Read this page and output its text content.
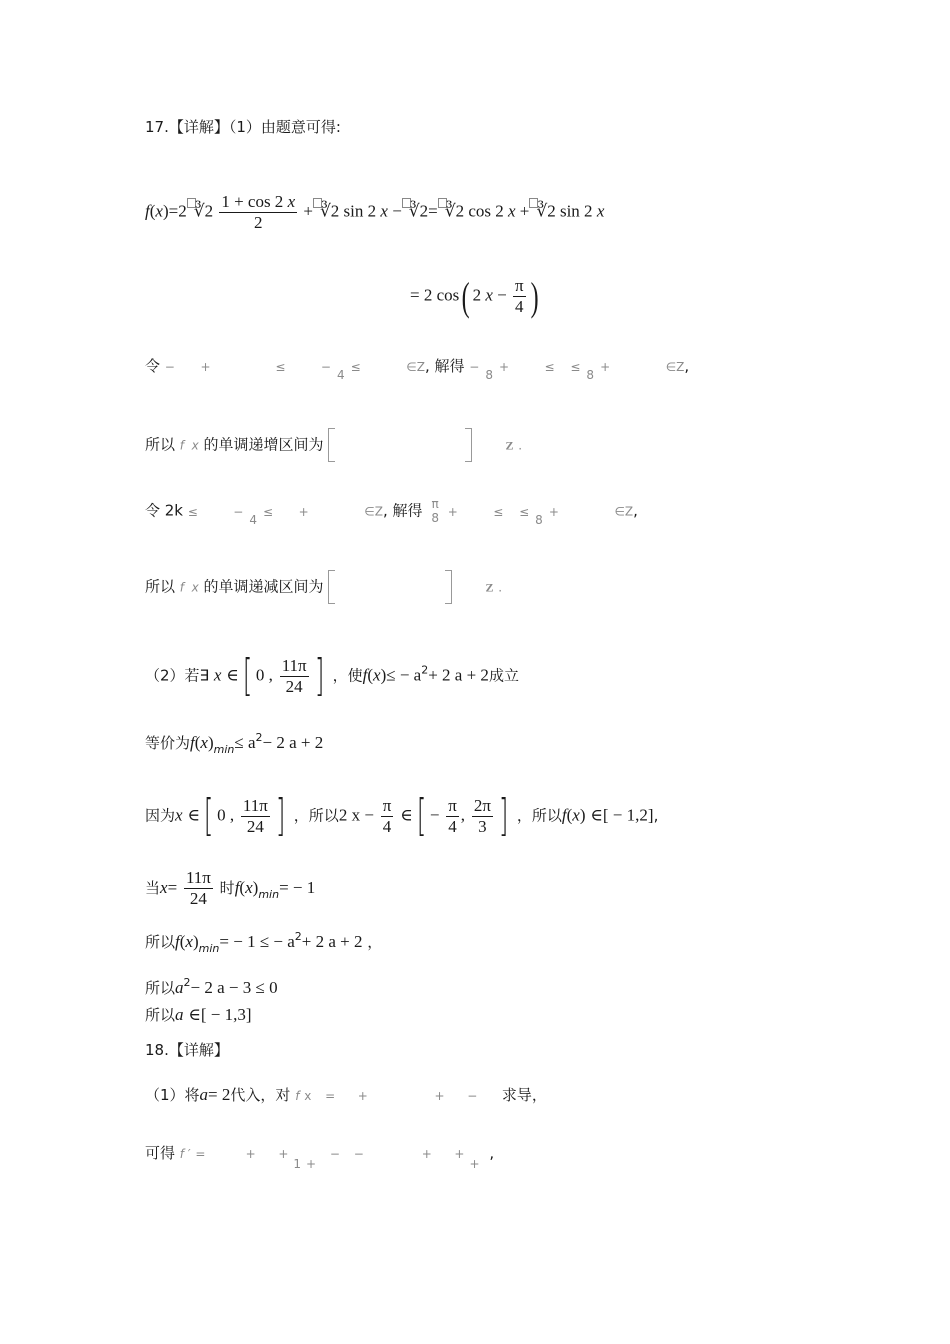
17.【详解】（1）由题意可得:
f(x)=2 ∛2 $\frac{1 + \cos 2 x}{2}$ + ∛2 sin 2 x − ∛2= ∛2 cos 2 x + ∛2 sin 2 x
= 2 cos( 2 $x - \frac{\pi}{4}$ )
令 −  +      ≤   −4≤	∈Z, 解得 −8+   ≤ ≤8+	∈Z,
所以 f  x 的单调递增区间为	Z .
令 2k ≤   −4≤  +	∈Z, 解得 π
8 +   ≤ ≤8+	∈Z,
所以 f  x 的单调递减区间为	Z .
（2）若∃ x ∈[ 0 , $\frac{11\pi}{24}$ ] ，使$f(x)\le - a^2+ 2$ a + 2成立
等价为$f(x)_{min}\le a^2- 2$ a + 2
因为x ∈[ 0 , $\frac{11\pi}{24}$ ] ，所以2 $x - \frac{\pi}{4}$ ∈[ − $\frac{\pi}{4}$ , $\frac{2\pi}{3}$ ] ，所以f(x) ∈[ − 1,2],
当$x= \frac{11\pi}{24}$ 时$f(x)_{min}= - 1$
所以$f(x)_{min}= - 1$ ≤ − $a^2+ 2$ a + 2 ，
所以$a^2- 2$ a − 3 ≤ 0
所以a ∈[ − 1,3]
18.【详解】
（1）将a= 2代入，对 f x =  +       +  − 求导，
可得 f ′ =    +  +1+ − −      +  ++ ,
